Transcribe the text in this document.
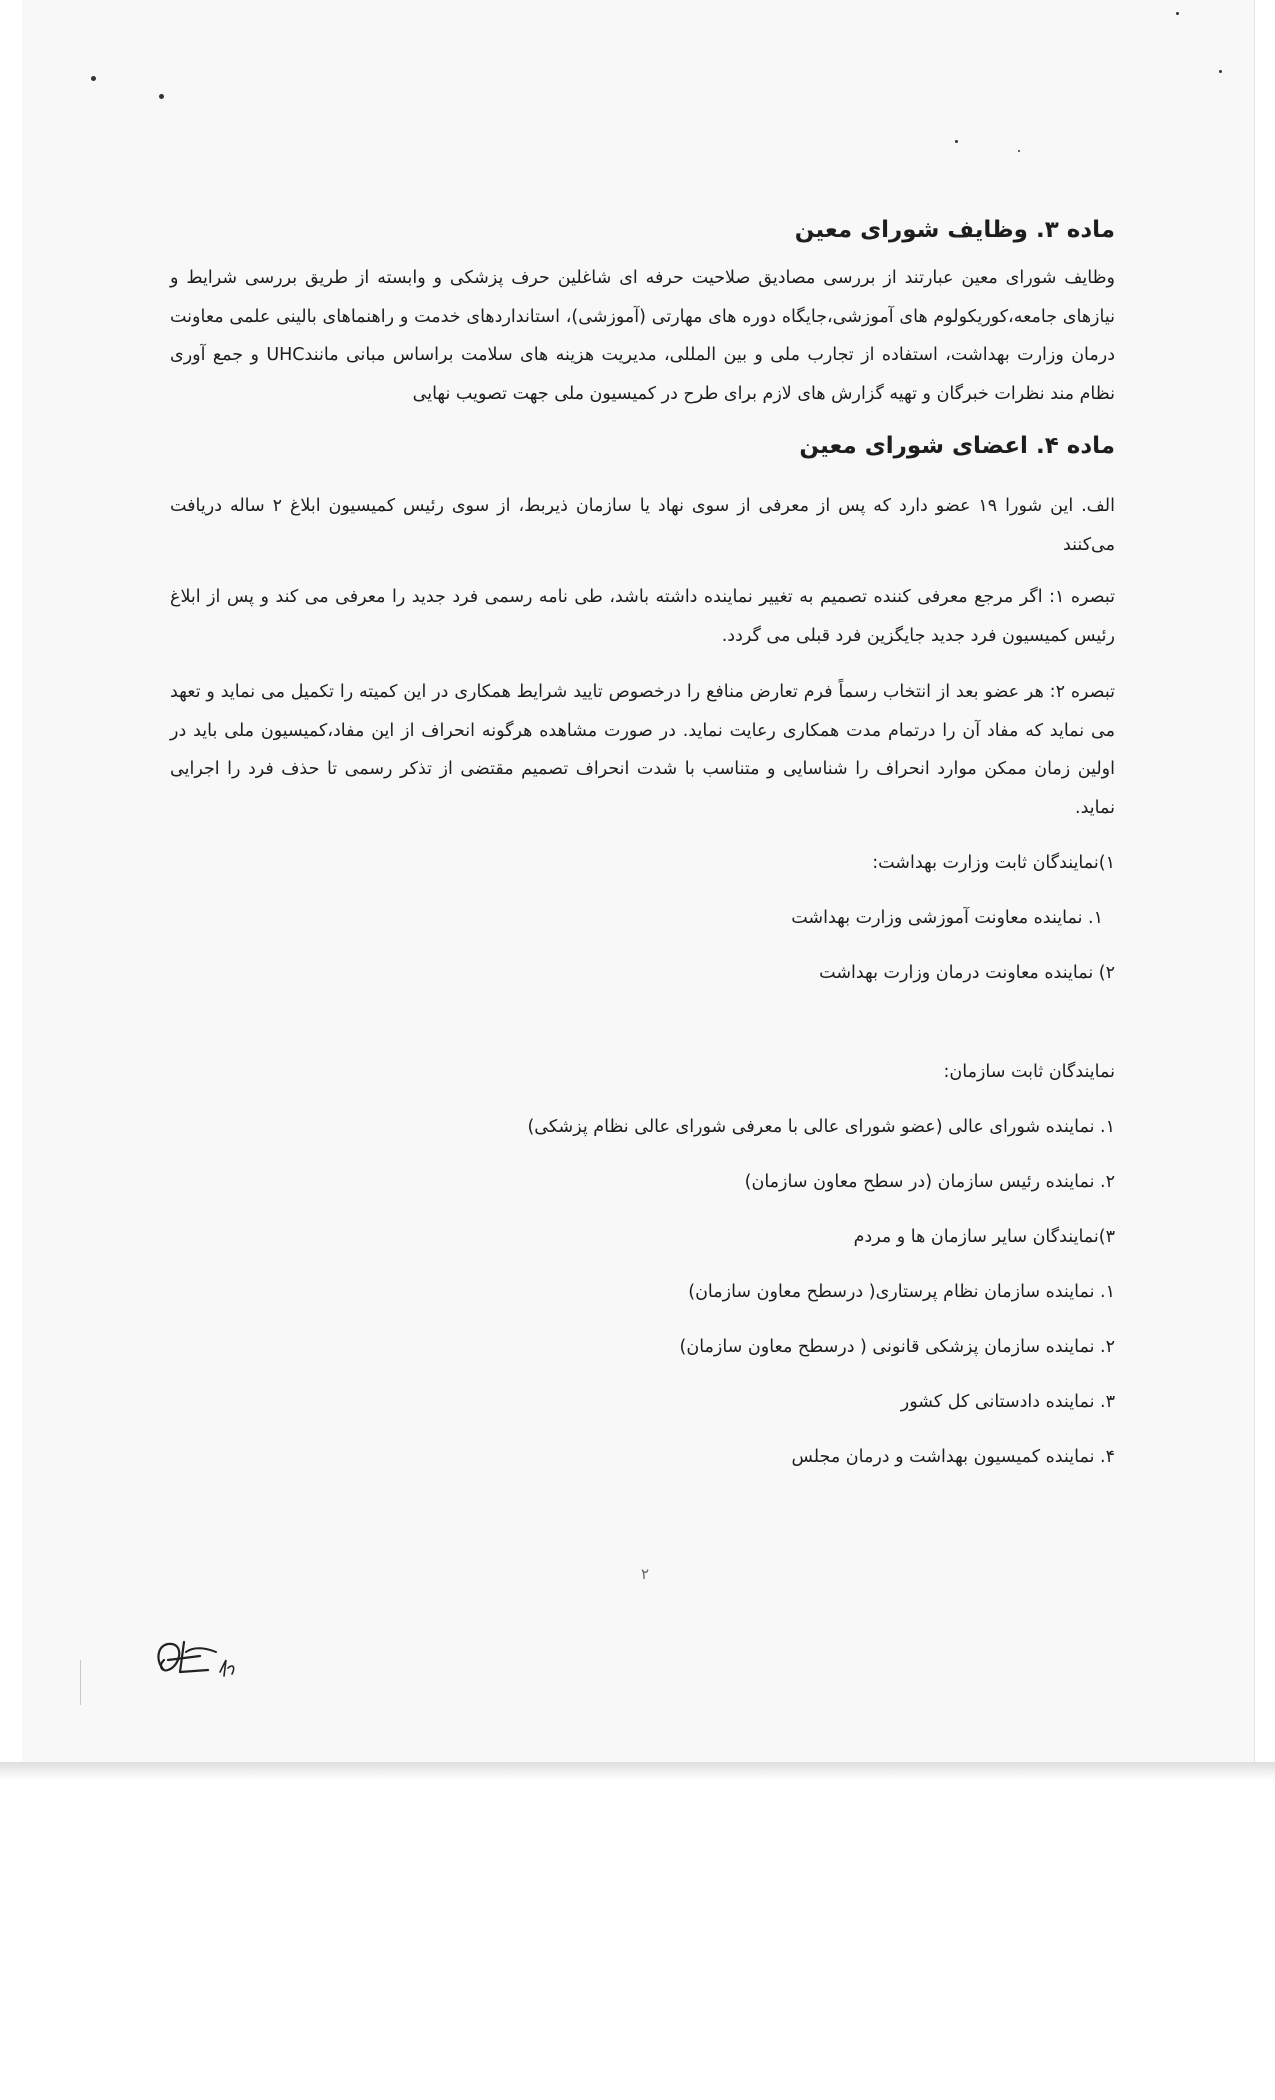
ماده ۳. وظایف شورای معین
وظایف شورای معین عبارتند از بررسی مصادیق صلاحیت حرفه ای شاغلین حرف پزشکی و وابسته از طریق بررسی شرایط و نیازهای جامعه،کوریکولوم های آموزشی،جایگاه دوره های مهارتی (آموزشی)، استانداردهای خدمت و راهنماهای بالینی علمی معاونت درمان وزارت بهداشت، استفاده از تجارب ملی و بین المللی، مدیریت هزینه های سلامت براساس مبانی مانندUHC و جمع آوری نظام مند نظرات خبرگان و تهیه گزارش های لازم برای طرح در کمیسیون ملی جهت تصویب نهایی
ماده ۴. اعضای شورای معین
الف. این شورا ۱۹ عضو دارد که پس از معرفی از سوی نهاد یا سازمان ذیربط، از سوی رئیس کمیسیون ابلاغ ۲ ساله دریافت می‌کنند
تبصره ۱: اگر مرجع معرفی کننده تصمیم به تغییر نماینده داشته باشد، طی نامه رسمی فرد جدید را معرفی می کند و پس از ابلاغ رئیس کمیسیون فرد جدید جایگزین فرد قبلی می گردد.
تبصره ۲: هر عضو بعد از انتخاب رسماً فرم تعارض منافع را درخصوص تایید شرایط همکاری در این کمیته را تکمیل می نماید و تعهد می نماید که مفاد آن را درتمام مدت همکاری رعایت نماید. در صورت مشاهده هرگونه انحراف از این مفاد،کمیسیون ملی باید در اولین زمان ممکن موارد انحراف را شناسایی و متناسب با شدت انحراف تصمیم مقتضی از تذکر رسمی تا حذف فرد را اجرایی نماید.
۱)نمایندگان ثابت وزارت بهداشت:
۱. نماینده معاونت آموزشی وزارت بهداشت
۲) نماینده معاونت درمان وزارت بهداشت
نمایندگان ثابت سازمان:
۱. نماینده شورای عالی (عضو شورای عالی با معرفی شورای عالی نظام پزشکی)
۲. نماینده رئیس سازمان (در سطح معاون سازمان)
۳)نمایندگان سایر سازمان ها و مردم
۱. نماینده سازمان نظام پرستاری( درسطح معاون سازمان)
۲. نماینده سازمان پزشکی قانونی ( درسطح معاون سازمان)
۳. نماینده دادستانی کل کشور
۴. نماینده کمیسیون بهداشت و درمان مجلس
۲
